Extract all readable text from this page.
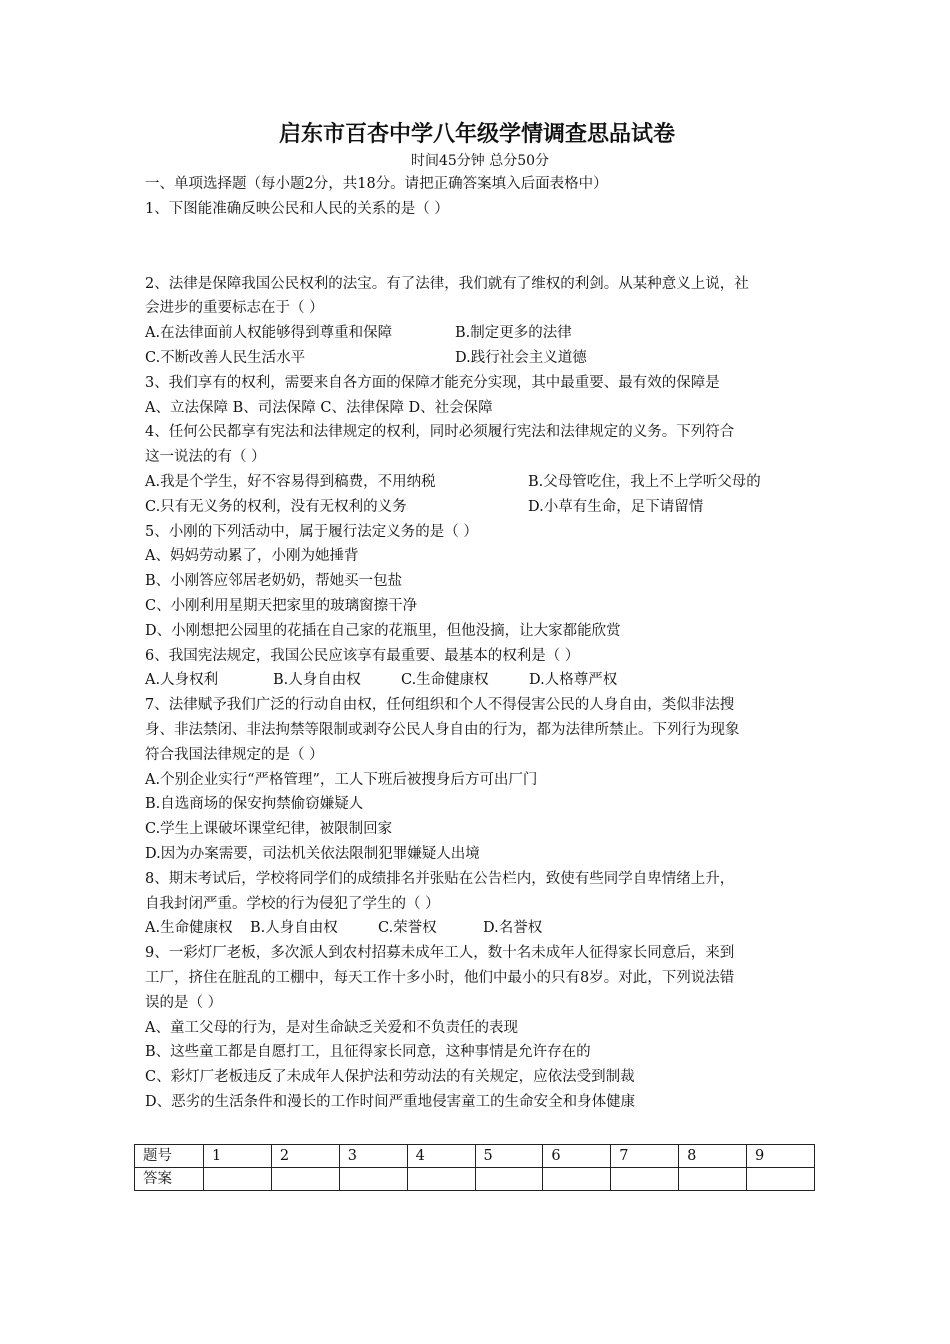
启东市百杏中学八年级学情调查思品试卷
时间45分钟 总分50分
一、单项选择题（每小题2分，共18分。请把正确答案填入后面表格中）
1、下图能准确反映公民和人民的关系的是（ ）
2、法律是保障我国公民权利的法宝。有了法律，我们就有了维权的利剑。从某种意义上说，社
会进步的重要标志在于（ ）
A.在法律面前人权能够得到尊重和保障	B.制定更多的法律
C.不断改善人民生活水平	D.践行社会主义道德
3、我们享有的权利，需要来自各方面的保障才能充分实现，其中最重要、最有效的保障是
A、立法保障 B、司法保障 C、法律保障 D、社会保障
4、任何公民都享有宪法和法律规定的权利，同时必须履行宪法和法律规定的义务。下列符合
这一说法的有（ ）
A.我是个学生，好不容易得到稿费，不用纳税	B.父母管吃住，我上不上学听父母的
C.只有无义务的权利，没有无权利的义务	D.小草有生命，足下请留情
5、小刚的下列活动中，属于履行法定义务的是（ ）
A、妈妈劳动累了，小刚为她捶背
B、小刚答应邻居老奶奶，帮她买一包盐
C、小刚利用星期天把家里的玻璃窗擦干净
D、小刚想把公园里的花插在自己家的花瓶里，但他没摘，让大家都能欣赏
6、我国宪法规定，我国公民应该享有最重要、最基本的权利是（ ）
A.人身权利	B.人身自由权	C.生命健康权	D.人格尊严权
7、法律赋予我们广泛的行动自由权，任何组织和个人不得侵害公民的人身自由，类似非法搜
身、非法禁闭、非法拘禁等限制或剥夺公民人身自由的行为，都为法律所禁止。下列行为现象
符合我国法律规定的是（ ）
A.个别企业实行“严格管理”，工人下班后被搜身后方可出厂门
B.自选商场的保安拘禁偷窃嫌疑人
C.学生上课破坏课堂纪律，被限制回家
D.因为办案需要，司法机关依法限制犯罪嫌疑人出境
8、期末考试后，学校将同学们的成绩排名并张贴在公告栏内，致使有些同学自卑情绪上升，
自我封闭严重。学校的行为侵犯了学生的（ ）
A.生命健康权 B.人身自由权	C.荣誉权	D.名誉权
9、一彩灯厂老板，多次派人到农村招募未成年工人，数十名未成年人征得家长同意后，来到
工厂，挤住在脏乱的工棚中，每天工作十多小时，他们中最小的只有8岁。对此，下列说法错
误的是（ ）
A、童工父母的行为，是对生命缺乏关爱和不负责任的表现
B、这些童工都是自愿打工，且征得家长同意，这种事情是允许存在的
C、彩灯厂老板违反了未成年人保护法和劳动法的有关规定，应依法受到制裁
D、恶劣的生活条件和漫长的工作时间严重地侵害童工的生命安全和身体健康
题号	1	2	3	4	5	6	7	8	9
答案									
